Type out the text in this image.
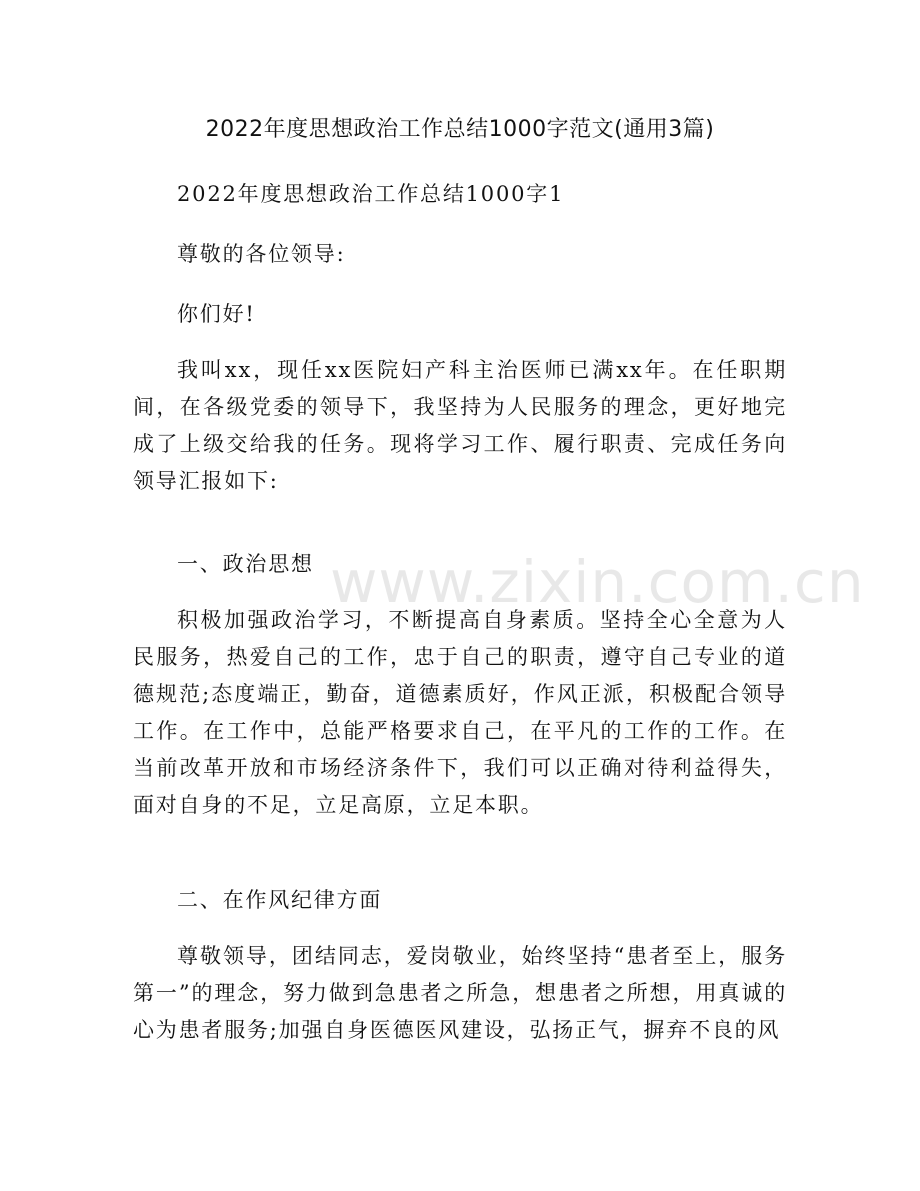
2022年度思想政治工作总结1000字范文(通用3篇)

2022年度思想政治工作总结1000字1

尊敬的各位领导:

你们好!

我叫xx，现任xx医院妇产科主治医师已满xx年。在任职期间，在各级党委的领导下，我坚持为人民服务的理念，更好地完成了上级交给我的任务。现将学习工作、履行职责、完成任务向领导汇报如下:

一、政治思想

积极加强政治学习，不断提高自身素质。坚持全心全意为人民服务，热爱自己的工作，忠于自己的职责，遵守自己专业的道德规范;态度端正，勤奋，道德素质好，作风正派，积极配合领导工作。在工作中，总能严格要求自己，在平凡的工作的工作。在当前改革开放和市场经济条件下，我们可以正确对待利益得失，面对自身的不足，立足高原，立足本职。

二、在作风纪律方面

尊敬领导，团结同志，爱岗敬业，始终坚持“患者至上，服务第一”的理念，努力做到急患者之所急，想患者之所想，用真诚的心为患者服务;加强自身医德医风建设，弘扬正气，摒弃不良的风

www.zixin.com.cn
